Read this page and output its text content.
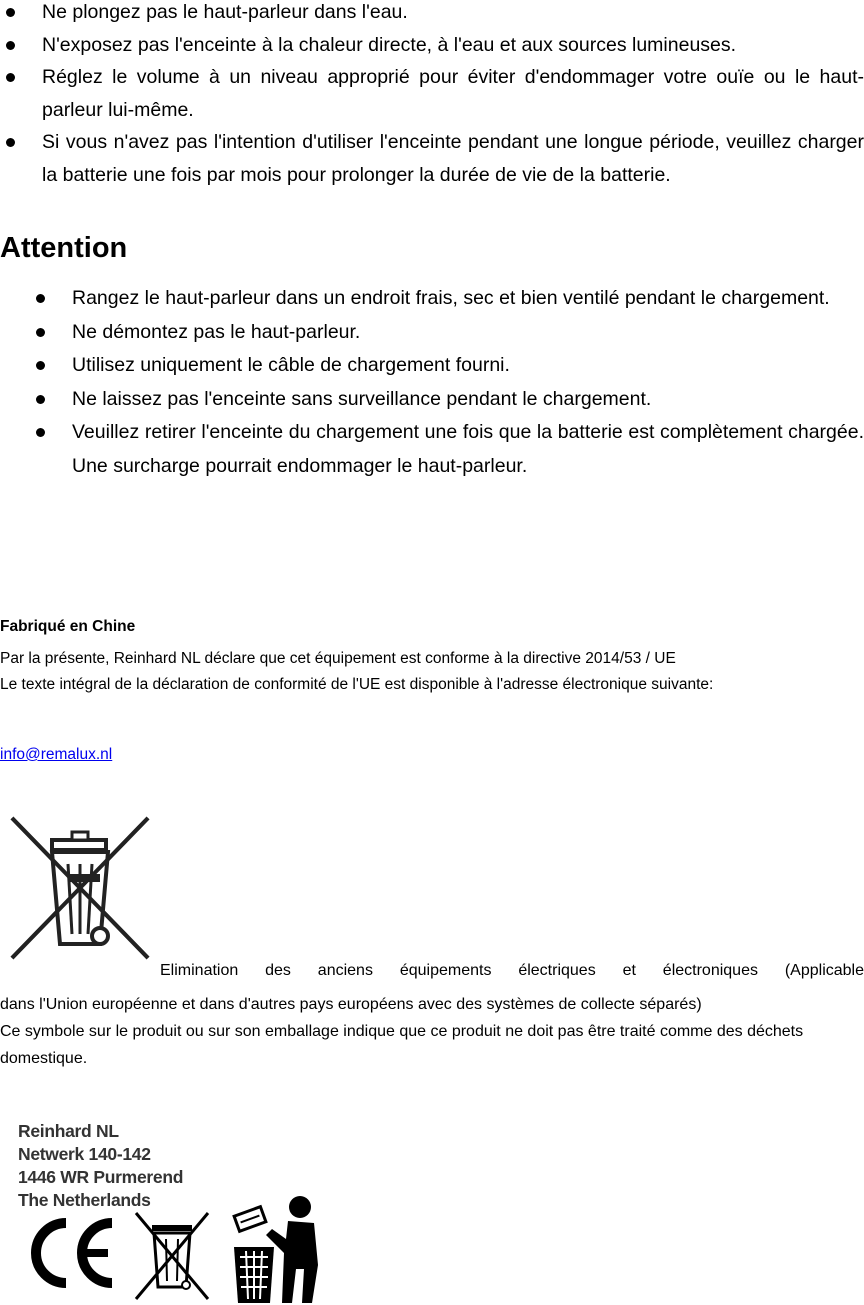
Ne plongez pas le haut-parleur dans l'eau.
N'exposez pas l'enceinte à la chaleur directe, à l'eau et aux sources lumineuses.
Réglez le volume à un niveau approprié pour éviter d'endommager votre ouïe ou le haut-parleur lui-même.
Si vous n'avez pas l'intention d'utiliser l'enceinte pendant une longue période, veuillez charger la batterie une fois par mois pour prolonger la durée de vie de la batterie.
Attention
Rangez le haut-parleur dans un endroit frais, sec et bien ventilé pendant le chargement.
Ne démontez pas le haut-parleur.
Utilisez uniquement le câble de chargement fourni.
Ne laissez pas l'enceinte sans surveillance pendant le chargement.
Veuillez retirer l'enceinte du chargement une fois que la batterie est complètement chargée. Une surcharge pourrait endommager le haut-parleur.
Fabriqué en Chine

Par la présente, Reinhard NL déclare que cet équipement est conforme à la directive 2014/53 / UE

Le texte intégral de la déclaration de conformité de l'UE est disponible à l'adresse électronique suivante:

info@remalux.nl
Elimination des anciens équipements électriques et électroniques (Applicable

dans l'Union européenne et dans d'autres pays européens avec des systèmes de collecte séparés)

Ce symbole sur le produit ou sur son emballage indique que ce produit ne doit pas être traité comme des déchets domestique.

Reinhard NL
Netwerk 140-142
1446 WR Purmerend
The Netherlands
